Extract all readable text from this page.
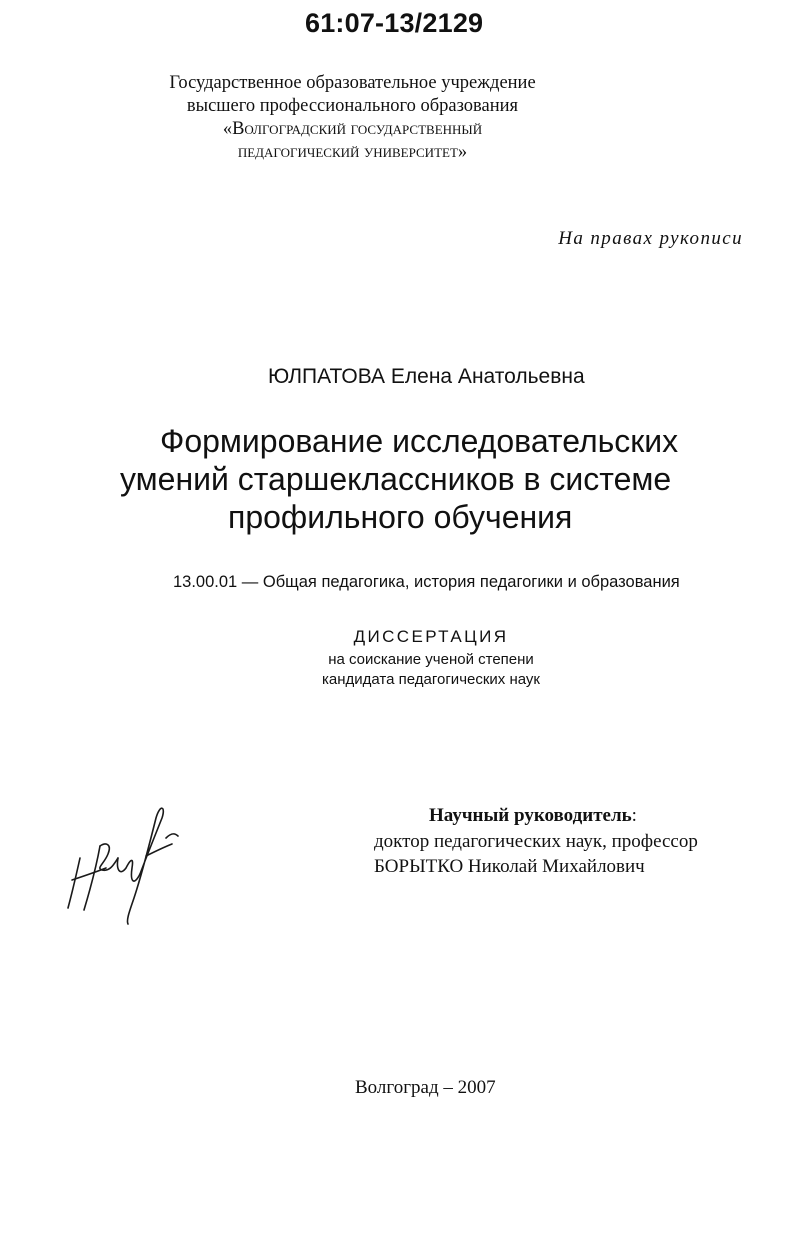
61:07-13/2129
Государственное образовательное учреждение
высшего профессионального образования
«Волгоградский государственный
педагогический университет»
На правах рукописи
ЮЛПАТОВА Елена Анатольевна
Формирование исследовательских
умений старшеклассников в системе
профильного обучения
13.00.01 — Общая педагогика, история педагогики и образования
ДИССЕРТАЦИЯ
на соискание ученой степени
кандидата педагогических наук
Научный руководитель:
доктор педагогических наук, профессор
БОРЫТКО Николай Михайлович
Волгоград – 2007
